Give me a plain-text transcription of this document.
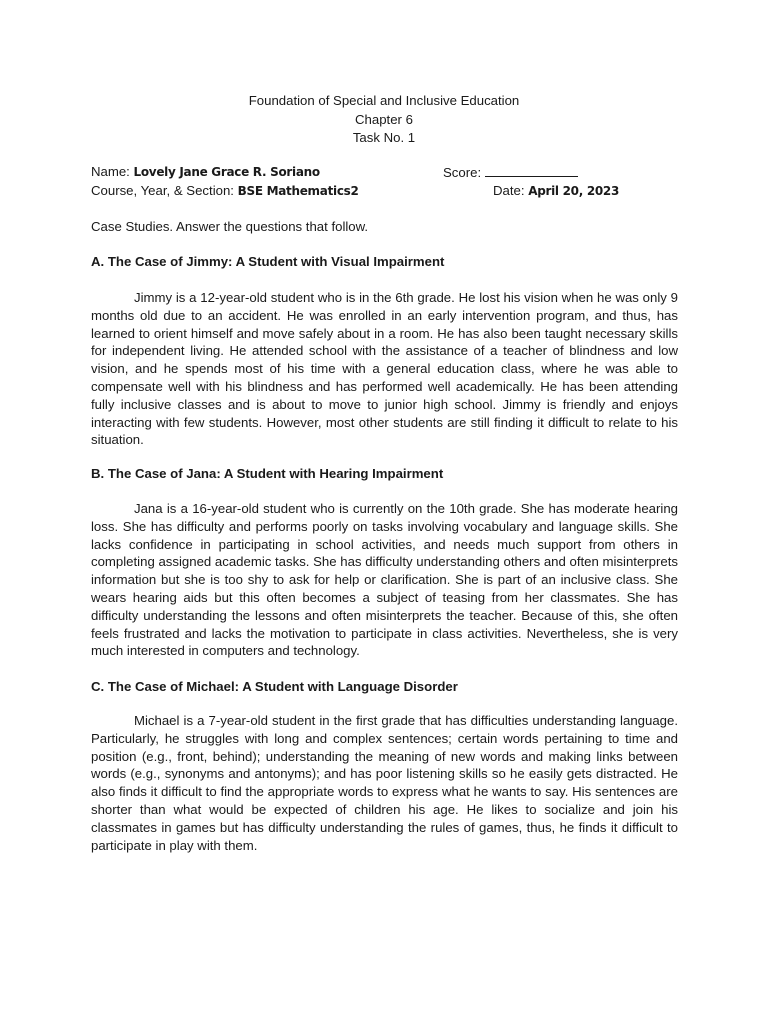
Foundation of Special and Inclusive Education
Chapter 6
Task No. 1
Name: Lovely Jane Grace R. Soriano	Score:
Course, Year, & Section: BSE Mathematics2	Date: April 20, 2023
Case Studies. Answer the questions that follow.
A. The Case of Jimmy: A Student with Visual Impairment

Jimmy is a 12-year-old student who is in the 6th grade. He lost his vision when he was only 9 months old due to an accident. He was enrolled in an early intervention program, and thus, has learned to orient himself and move safely about in a room. He has also been taught necessary skills for independent living. He attended school with the assistance of a teacher of blindness and low vision, and he spends most of his time with a general education class, where he was able to compensate well with his blindness and has performed well academically. He has been attending fully inclusive classes and is about to move to junior high school. Jimmy is friendly and enjoys interacting with few students. However, most other students are still finding it difficult to relate to his situation.

B. The Case of Jana: A Student with Hearing Impairment

Jana is a 16-year-old student who is currently on the 10th grade. She has moderate hearing loss. She has difficulty and performs poorly on tasks involving vocabulary and language skills. She lacks confidence in participating in school activities, and needs much support from others in completing assigned academic tasks. She has difficulty understanding others and often misinterprets information but she is too shy to ask for help or clarification. She is part of an inclusive class. She wears hearing aids but this often becomes a subject of teasing from her classmates. She has difficulty understanding the lessons and often misinterprets the teacher. Because of this, she often feels frustrated and lacks the motivation to participate in class activities. Nevertheless, she is very much interested in computers and technology.

C. The Case of Michael: A Student with Language Disorder

Michael is a 7-year-old student in the first grade that has difficulties understanding language. Particularly, he struggles with long and complex sentences; certain words pertaining to time and position (e.g., front, behind); understanding the meaning of new words and making links between words (e.g., synonyms and antonyms); and has poor listening skills so he easily gets distracted. He also finds it difficult to find the appropriate words to express what he wants to say. His sentences are shorter than what would be expected of children his age. He likes to socialize and join his classmates in games but has difficulty understanding the rules of games, thus, he finds it difficult to participate in play with them.
